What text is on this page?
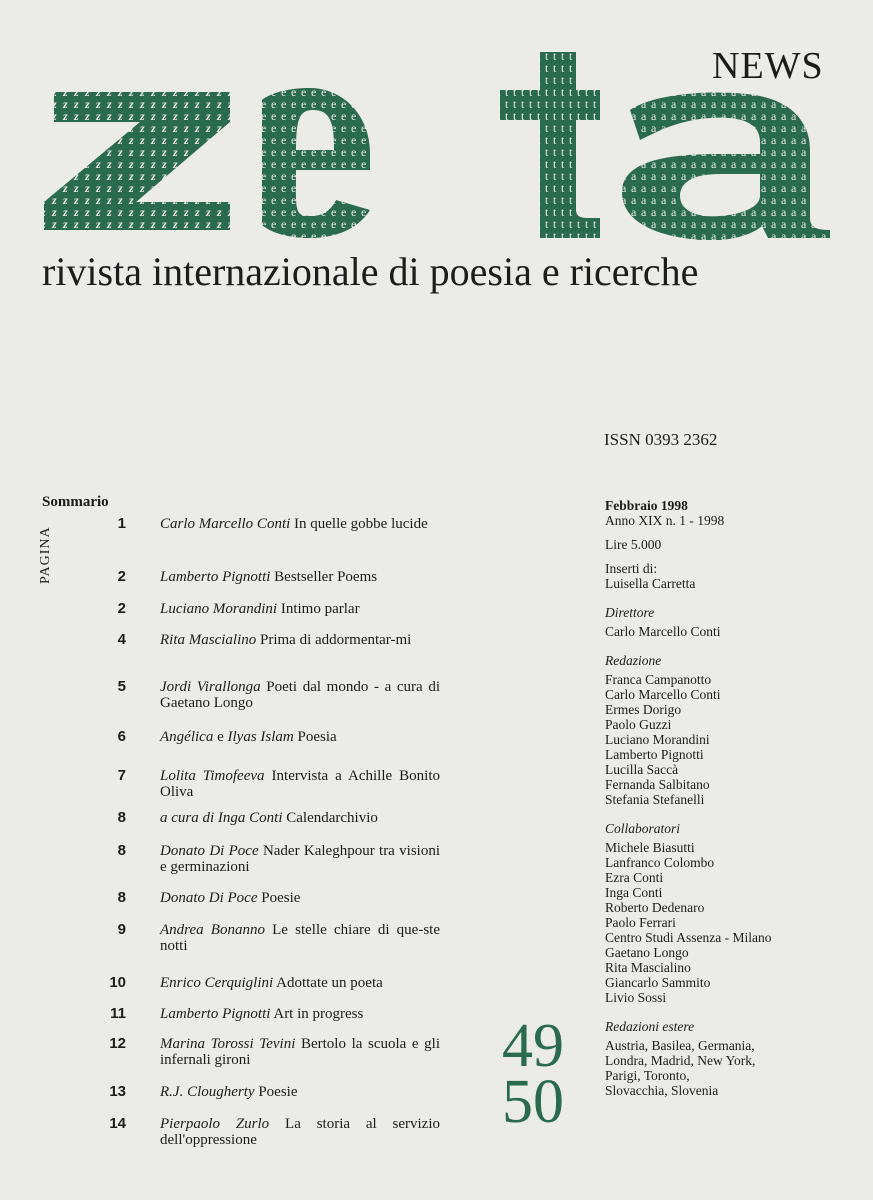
NEWS
rivista internazionale di poesia e ricerche
ISSN 0393 2362
Sommario
PAGINA
1 Carlo Marcello Conti In quelle gobbe lucide
2 Lamberto Pignotti Bestseller Poems
2 Luciano Morandini Intimo parlar
4 Rita Mascialino Prima di addormentar-mi
5 Jordi Virallonga Poeti dal mondo - a cura di Gaetano Longo
6 Angélica e Ilyas Islam Poesia
7 Lolita Timofeeva Intervista a Achille Bonito Oliva
8 a cura di Inga Conti Calendarchivio
8 Donato Di Poce Nader Kaleghpour tra visioni e germinazioni
8 Donato Di Poce Poesie
9 Andrea Bonanno Le stelle chiare di que-ste notti
10 Enrico Cerquiglini Adottate un poeta
11 Lamberto Pignotti Art in progress
12 Marina Torossi Tevini Bertolo la scuola e gli infernali gironi
13 R.J. Clougherty Poesie
14 Pierpaolo Zurlo La storia al servizio dell'oppressione
49
50
Febbraio 1998
Anno XIX n. 1 - 1998
Lire 5.000
Inserti di:
Luisella Carretta
Direttore
Carlo Marcello Conti
Redazione
Franca Campanotto
Carlo Marcello Conti
Ermes Dorigo
Paolo Guzzi
Luciano Morandini
Lamberto Pignotti
Lucilla Saccà
Fernanda Salbitano
Stefania Stefanelli
Collaboratori
Michele Biasutti
Lanfranco Colombo
Ezra Conti
Inga Conti
Roberto Dedenaro
Paolo Ferrari
Centro Studi Assenza - Milano
Gaetano Longo
Rita Mascialino
Giancarlo Sammito
Livio Sossi
Redazioni estere
Austria, Basilea, Germania,
Londra, Madrid, New York,
Parigi, Toronto,
Slovacchia, Slovenia
